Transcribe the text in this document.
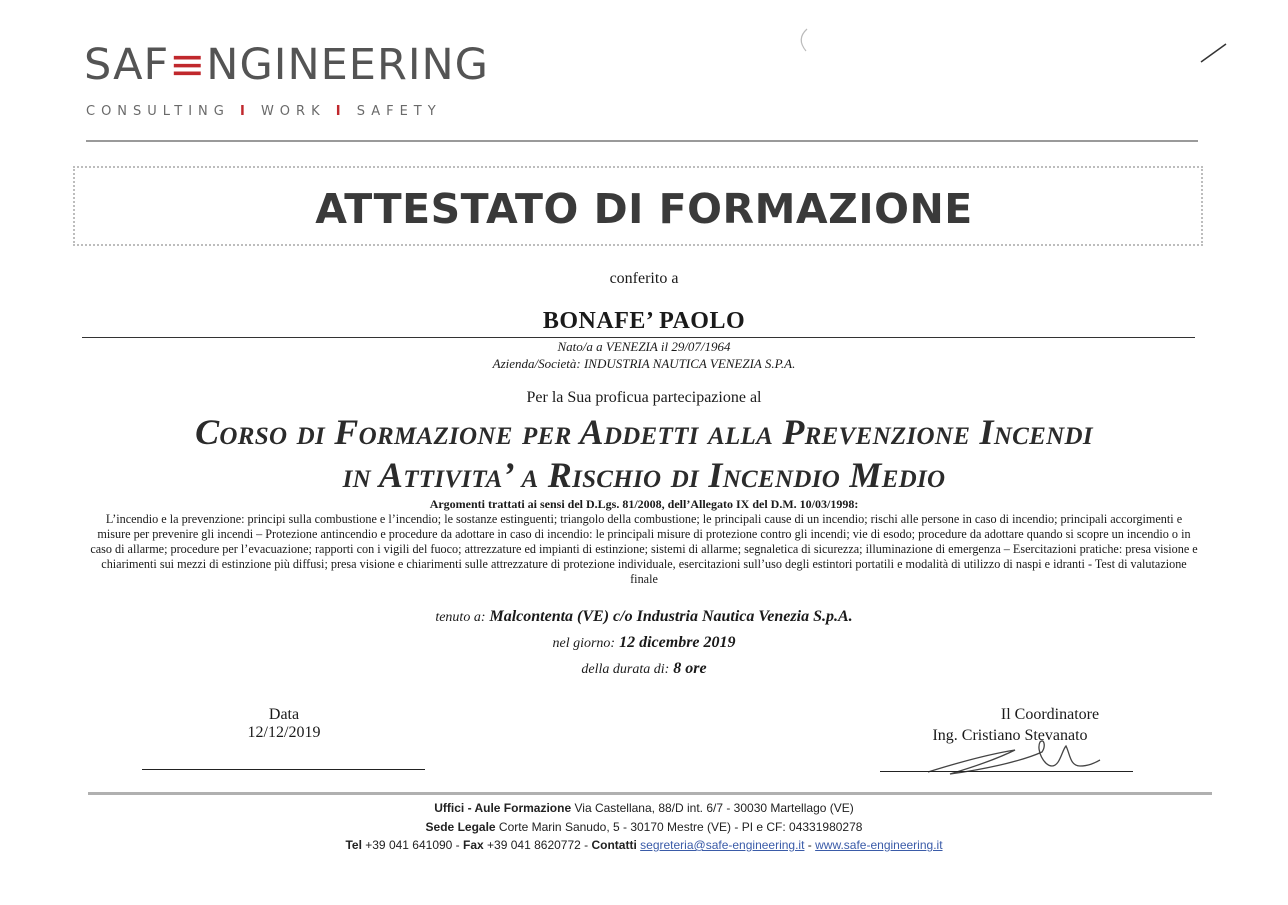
SAF≡NGINEERING
CONSULTING I WORK I SAFETY
ATTESTATO DI FORMAZIONE
conferito a
BONAFE’ PAOLO
Nato/a a VENEZIA il 29/07/1964
Azienda/Società: INDUSTRIA NAUTICA VENEZIA S.P.A.
Per la Sua proficua partecipazione al
Corso di Formazione per Addetti alla Prevenzione Incendi
in Attivita’ a Rischio di Incendio Medio
Argomenti trattati ai sensi del D.Lgs. 81/2008, dell’Allegato IX del D.M. 10/03/1998:
L’incendio e la prevenzione: principi sulla combustione e l’incendio; le sostanze estinguenti; triangolo della combustione; le principali cause di un incendio; rischi alle persone in caso di incendio; principali accorgimenti e misure per prevenire gli incendi – Protezione antincendio e procedure da adottare in caso di incendio: le principali misure di protezione contro gli incendi; vie di esodo; procedure da adottare quando si scopre un incendio o in caso di allarme; procedure per l’evacuazione; rapporti con i vigili del fuoco; attrezzature ed impianti di estinzione; sistemi di allarme; segnaletica di sicurezza; illuminazione di emergenza – Esercitazioni pratiche: presa visione e chiarimenti sui mezzi di estinzione più diffusi; presa visione e chiarimenti sulle attrezzature di protezione individuale, esercitazioni sull’uso degli estintori portatili e modalità di utilizzo di naspi e idranti - Test di valutazione finale
tenuto a: Malcontenta (VE) c/o Industria Nautica Venezia S.p.A.
nel giorno: 12 dicembre 2019
della durata di: 8 ore
Data
12/12/2019
Il Coordinatore
Ing. Cristiano Stevanato
Uffici - Aule Formazione Via Castellana, 88/D int. 6/7 - 30030 Martellago (VE)
Sede Legale Corte Marin Sanudo, 5 - 30170 Mestre (VE) - PI e CF: 04331980278
Tel +39 041 641090 - Fax +39 041 8620772 - Contatti segreteria@safe-engineering.it - www.safe-engineering.it
